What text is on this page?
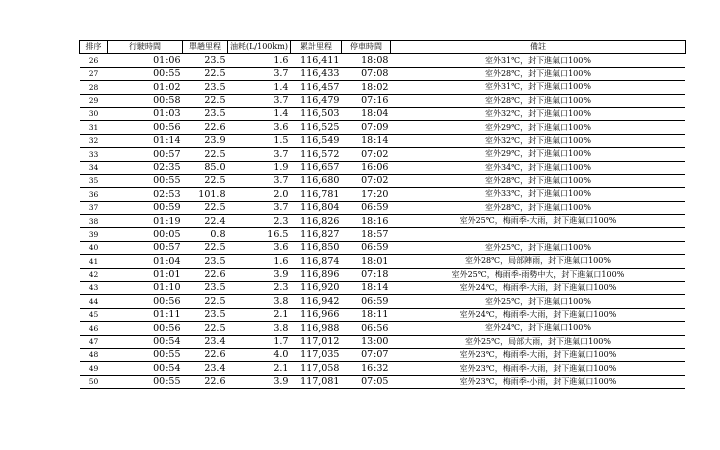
排序	行駛時間	單趟里程	油耗(L/100km)	累計里程	停車時間	備註
26	01:06	23.5	1.6	116,411	18:08	室外31℃，封下進氣口100%
27	00:55	22.5	3.7	116,433	07:08	室外28℃，封下進氣口100%
28	01:02	23.5	1.4	116,457	18:02	室外31℃，封下進氣口100%
29	00:58	22.5	3.7	116,479	07:16	室外28℃，封下進氣口100%
30	01:03	23.5	1.4	116,503	18:04	室外32℃，封下進氣口100%
31	00:56	22.6	3.6	116,525	07:09	室外29℃，封下進氣口100%
32	01:14	23.9	1.5	116,549	18:14	室外32℃，封下進氣口100%
33	00:57	22.5	3.7	116,572	07:02	室外29℃，封下進氣口100%
34	02:35	85.0	1.9	116,657	16:06	室外34℃，封下進氣口100%
35	00:55	22.5	3.7	116,680	07:02	室外28℃，封下進氣口100%
36	02:53	101.8	2.0	116,781	17:20	室外33℃，封下進氣口100%
37	00:59	22.5	3.7	116,804	06:59	室外28℃，封下進氣口100%
38	01:19	22.4	2.3	116,826	18:16	室外25℃，梅雨季-大雨，封下進氣口100%
39	00:05	0.8	16.5	116,827	18:57	
40	00:57	22.5	3.6	116,850	06:59	室外25℃，封下進氣口100%
41	01:04	23.5	1.6	116,874	18:01	室外28℃，局部陣雨，封下進氣口100%
42	01:01	22.6	3.9	116,896	07:18	室外25℃，梅雨季-雨勢中大，封下進氣口100%
43	01:10	23.5	2.3	116,920	18:14	室外24℃，梅雨季-大雨，封下進氣口100%
44	00:56	22.5	3.8	116,942	06:59	室外25℃，封下進氣口100%
45	01:11	23.5	2.1	116,966	18:11	室外24℃，梅雨季-大雨，封下進氣口100%
46	00:56	22.5	3.8	116,988	06:56	室外24℃，封下進氣口100%
47	00:54	23.4	1.7	117,012	13:00	室外25℃，局部大雨，封下進氣口100%
48	00:55	22.6	4.0	117,035	07:07	室外23℃，梅雨季-大雨，封下進氣口100%
49	00:54	23.4	2.1	117,058	16:32	室外23℃，梅雨季-大雨，封下進氣口100%
50	00:55	22.6	3.9	117,081	07:05	室外23℃，梅雨季-小雨，封下進氣口100%
